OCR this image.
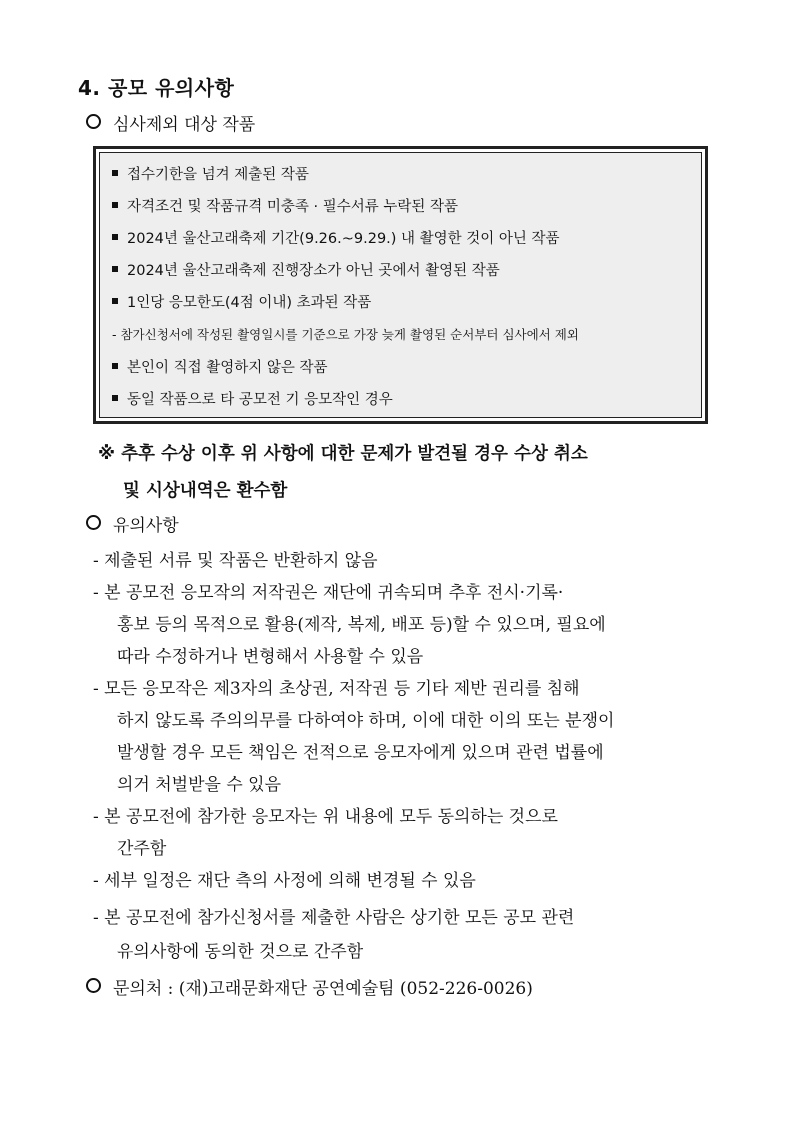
4. 공모 유의사항
심사제외 대상 작품
접수기한을 넘겨 제출된 작품
자격조건 및 작품규격 미충족 · 필수서류 누락된 작품
2024년 울산고래축제 기간(9.26.~9.29.) 내 촬영한 것이 아닌 작품
2024년 울산고래축제 진행장소가 아닌 곳에서 촬영된 작품
1인당 응모한도(4점 이내) 초과된 작품
- 참가신청서에 작성된 촬영일시를 기준으로 가장 늦게 촬영된 순서부터 심사에서 제외
본인이 직접 촬영하지 않은 작품
동일 작품으로 타 공모전 기 응모작인 경우
※ 추후 수상 이후 위 사항에 대한 문제가 발견될 경우 수상 취소
및 시상내역은 환수함
유의사항
- 제출된 서류 및 작품은 반환하지 않음
- 본 공모전 응모작의 저작권은 재단에 귀속되며 추후 전시·기록·
홍보 등의 목적으로 활용(제작, 복제, 배포 등)할 수 있으며, 필요에
따라 수정하거나 변형해서 사용할 수 있음
- 모든 응모작은 제3자의 초상권, 저작권 등 기타 제반 권리를 침해
하지 않도록 주의의무를 다하여야 하며, 이에 대한 이의 또는 분쟁이
발생할 경우 모든 책임은 전적으로 응모자에게 있으며 관련 법률에
의거 처벌받을 수 있음
- 본 공모전에 참가한 응모자는 위 내용에 모두 동의하는 것으로
간주함
- 세부 일정은 재단 측의 사정에 의해 변경될 수 있음
- 본 공모전에 참가신청서를 제출한 사람은 상기한 모든 공모 관련
유의사항에 동의한 것으로 간주함
문의처 : (재)고래문화재단 공연예술팀 (052-226-0026)
